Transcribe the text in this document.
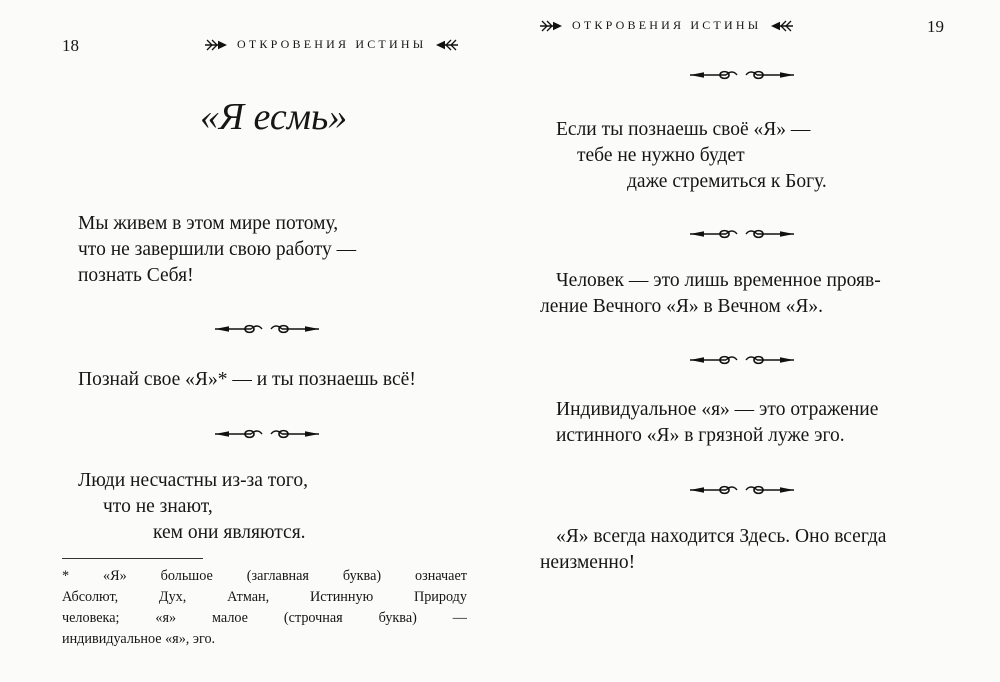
18	ОТКРОВЕНИЯ ИСТИНЫ
«Я есмь»
Мы живем в этом мире потому,
что не завершили свою работу —
познать Себя!
Познай свое «Я»* — и ты познаешь всё!
Люди несчастны из-за того,
что не знают,
кем они являются.
* «Я» большое (заглавная буква) означает
Абсолют,	Дух,	Атман,	Истинную	Природу
человека;	«я»	малое	(строчная	буква)	—
индивидуальное «я», эго.
ОТКРОВЕНИЯ ИСТИНЫ	19
Если ты познаешь своё «Я» —
тебе не нужно будет
даже стремиться к Богу.
Человек — это лишь временное прояв-
ление Вечного «Я» в Вечном «Я».
Индивидуальное «я» — это отражение
истинного «Я» в грязной луже эго.
«Я» всегда находится Здесь. Оно всегда
неизменно!
